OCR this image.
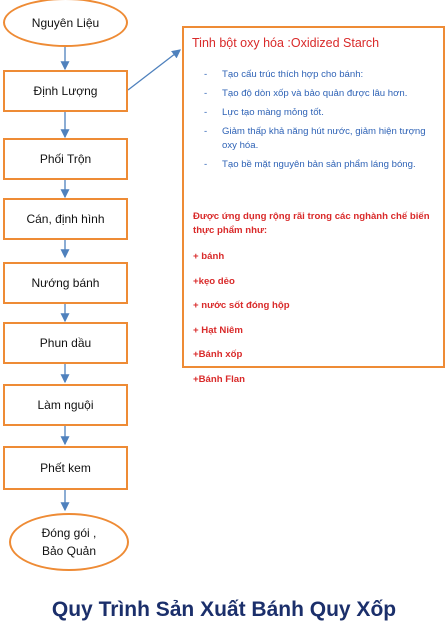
Nguyên Liệu
Định Lượng
Phối Trộn
Cán, định hình
Nướng bánh
Phun dầu
Làm nguội
Phết kem
Đóng gói ,
Bảo Quản
Tinh bột oxy hóa :Oxidized Starch
- Tạo cấu trúc thích hợp cho bánh:
- Tạo độ dòn xốp và bảo quản được lâu hơn.
- Lực tạo màng mỏng tốt.
- Giảm thấp khả năng hút nước, giảm hiện tượng oxy hóa.
- Tạo bề mặt nguyên bản sản phẩm láng bóng.
Được ứng dụng rộng rãi trong các nghành chế biến thực phẩm như:
+ bánh
+kẹo dẻo
+ nước sốt đóng hộp
+ Hạt Niêm
+Bánh xốp
+Bánh Flan
Quy Trình Sản Xuất Bánh Quy Xốp
